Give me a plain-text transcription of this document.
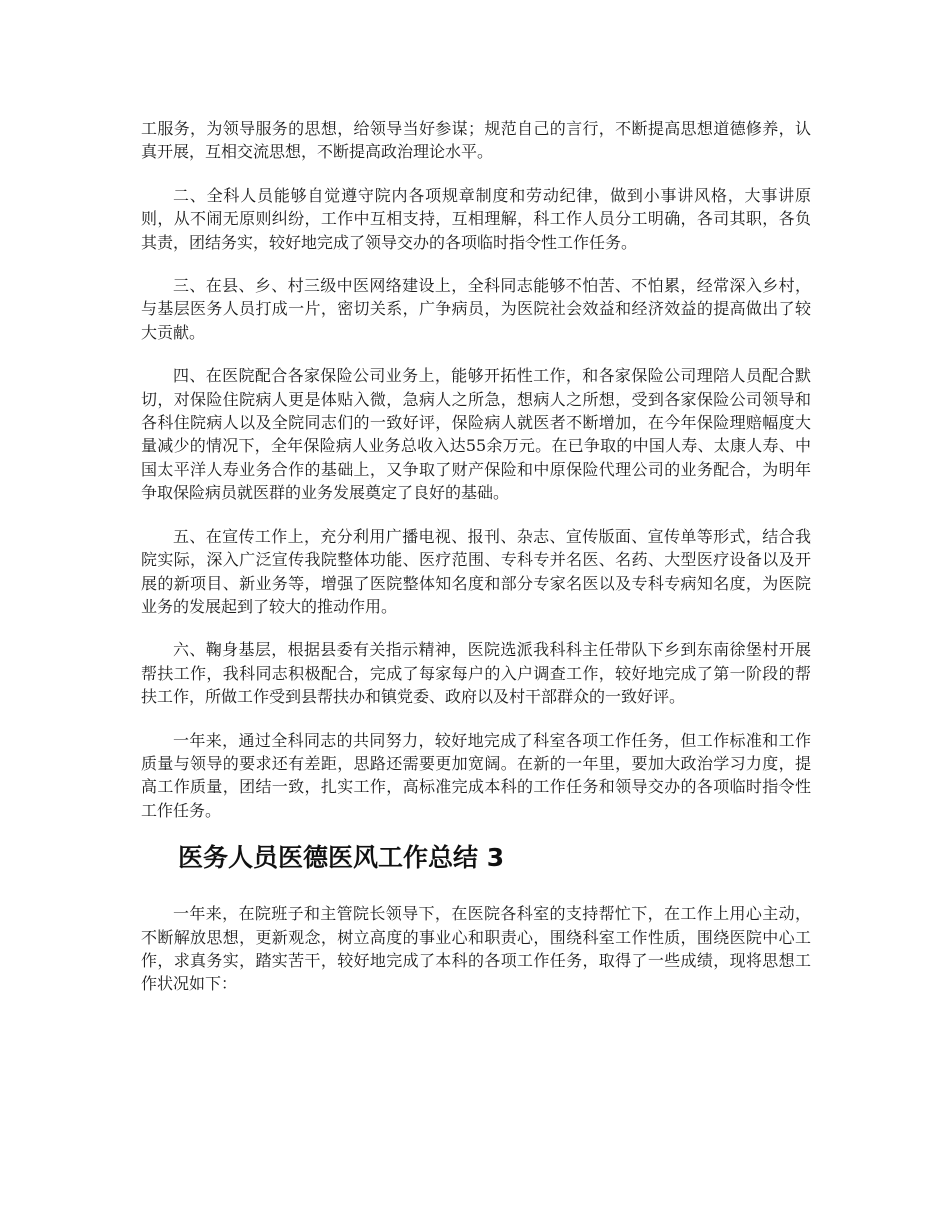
工服务，为领导服务的思想，给领导当好参谋；规范自己的言行，不断提高思想道德修养，认真开展，互相交流思想，不断提高政治理论水平。

二、全科人员能够自觉遵守院内各项规章制度和劳动纪律，做到小事讲风格，大事讲原则，从不闹无原则纠纷，工作中互相支持，互相理解，科工作人员分工明确，各司其职，各负其责，团结务实，较好地完成了领导交办的各项临时指令性工作任务。

三、在县、乡、村三级中医网络建设上，全科同志能够不怕苦、不怕累，经常深入乡村，与基层医务人员打成一片，密切关系，广争病员，为医院社会效益和经济效益的提高做出了较大贡献。

四、在医院配合各家保险公司业务上，能够开拓性工作，和各家保险公司理陪人员配合默切，对保险住院病人更是体贴入微，急病人之所急，想病人之所想，受到各家保险公司领导和各科住院病人以及全院同志们的一致好评，保险病人就医者不断增加，在今年保险理赔幅度大量减少的情况下，全年保险病人业务总收入达55余万元。在已争取的中国人寿、太康人寿、中国太平洋人寿业务合作的基础上，又争取了财产保险和中原保险代理公司的业务配合，为明年争取保险病员就医群的业务发展奠定了良好的基础。

五、在宣传工作上，充分利用广播电视、报刊、杂志、宣传版面、宣传单等形式，结合我院实际，深入广泛宣传我院整体功能、医疗范围、专科专并名医、名药、大型医疗设备以及开展的新项目、新业务等，增强了医院整体知名度和部分专家名医以及专科专病知名度，为医院业务的发展起到了较大的推动作用。

六、鞠身基层，根据县委有关指示精神，医院选派我科科主任带队下乡到东南徐堡村开展帮扶工作，我科同志积极配合，完成了每家每户的入户调查工作，较好地完成了第一阶段的帮扶工作，所做工作受到县帮扶办和镇党委、政府以及村干部群众的一致好评。

一年来，通过全科同志的共同努力，较好地完成了科室各项工作任务，但工作标准和工作质量与领导的要求还有差距，思路还需要更加宽阔。在新的一年里，要加大政治学习力度，提高工作质量，团结一致，扎实工作，高标准完成本科的工作任务和领导交办的各项临时指令性工作任务。

医务人员医德医风工作总结 3

一年来，在院班子和主管院长领导下，在医院各科室的支持帮忙下，在工作上用心主动，不断解放思想，更新观念，树立高度的事业心和职责心，围绕科室工作性质，围绕医院中心工作，求真务实，踏实苦干，较好地完成了本科的各项工作任务，取得了一些成绩，现将思想工作状况如下：
